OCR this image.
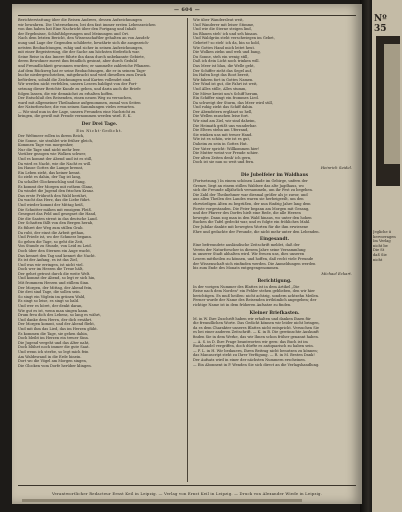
— 604 —
Berichterstattung über die Reisen Andrees, dessen Aufzeichnungen
wir bewahren. Die Unternehmen, bei den fast immer ersten Lebenszeichen
von ihm haben hat Eine Nachricht über den Fortgang und Inhalt
der Ergebnisse, Schlußfolgerungen und Meinungen und Ort.
Nach dem letzten Bericht, den Wissenschaftler gehalten an von Ausdeh-
nung und Lage der Gegenden schilderte, bewährte sich die ausgezeich-
netsten Beobachtungen, ruhig und sicher in seinen Aufzeichnungen,
mit einer Begeisterung, die der Sache am höchsten förderlich war.
Seine Reise in das Innere führte ihn dann durch unbekannte Gebiete,
deren Bewohner zuerst ihm feindlich gesinnt, aber durch Geduld
und Freundlichkeit gewonnen wurden; er sammelte zahlreiche Pflanzen.
Auf dem Rückweg hat er seine Beobachtungen, die er in seinem Tage-
buche niedergeschrieben, mitgebracht und wird dieselben zum Druck
befördern, sobald die Zeichnungen und Karten vollendet sind.
Wir werden nicht verfehlen, unsern Lesern baldigst von der Fort-
setzung dieser Berichte Kunde zu geben, und darin auch die Briefe
folgen lassen, die wir demnächst zu erhalten hoffen.
Der Entschluß des Reisenden, einen neuen Weg zu versuchen,
ward mit allgemeiner Theilnahme aufgenommen, zumal von Seiten
der Naturforscher, die von seinen Sammlungen vieles erwarten.
— Wir sind nun in der Lage, unsern Freunden eine Nachricht zu
bringen, die gewiß mit Freude vernommen werden wird. E. K.
Der Drei Tage.
Ein Nicht-Gedicht.
Der Weltmeer rollen in ihrem Reich,
Die Sonne, sie strahlet wie früher gleich,
Kommen Tage von morgenher,
Nur die Tage sind nicht mehr leer.
Vorüber gezogen wie Wolken schwer,
Und es kommt der Abend und ist es still,
Da wird es Nacht, wie die Nacht es will.
Im Hause Gottes die Lampe brennt,
Ein Leben zieht, das keiner kennt.
So zieht es dahin, der Tag ist lang,
Da schallet Glockenschlag und Sang,
Es kommt der Morgen mit rothem Glanz,
Da windet die Jugend den frischen Kranz.
Das erste Frühroth den Wald berührt,
Da wacht das Herz, das die Liebe führt.
Und wieder kommt der Mittag heiß,
Die Schnitter mähen mit emsigem Fleiß.
Gesegnet das Feld und gesegnet die Hand,
Die die Saaten streut in das deutsche Land.
Der Schatten fällt von den Bergen herab,
Es führet der Weg zum stillen Grab.
Da ruht, der einst die Arbeit gethan,
Und Friede ist, wo der Schmerz begann.
So gehen die Tage, so geht die Zeit,
Von Stunde zu Stunde, von Leid zu Leid.
Doch über den Sternen ein Auge wacht,
Das kennet den Tag und kennet die Nacht.
Es ist der Anfang, es ist das Ziel,
Und was wir erringen, ist nicht viel.
Doch wer im Herzen die Treue hält,
Der gehet getrost durch die weite Welt.
Und kommt der Abend, so legt er sich hin,
Mit frommem Herzen und stillem Sinn.
Der Morgen, der Mittag, der Abend fein,
Die drei sind Tage, die sollen sein.
So singt ein Vöglein im grünen Wald,
Es singt so leise, es singt so bald.
Und wer es höret, der denkt daran,
Wie gut es ist, wenn man singen kann.
Drum freu dich des Lebens, so lang es währt,
Und danke dem Herrn, der dich ernährt.
Der Morgen kommt, und der Abend flieht,
Und mit ihm das Lied, das im Herzen glüht.
Es kommen die Tage, sie gehen dahin,
Doch bleibt im Herzen ein treuer Sinn.
Die Jugend vergeht und das Alter naht,
Doch blühet noch immer die gute Saat.
Und wenn ich sterbe, so legt mich fein
Am Waldesrand in die Erde hinein.
Dort wo die Vögel am Morgen singen,
Die Glocken vom Dorfe herüber klingen.
Wie über Wandersleut weit,
Und Wanderer mit leiser Stimme,
Und wie die Sterne steigen lind,
Im Blauen steh' ich und seh hinaus.
Und Waldgrün steht verschwiegen im Gebet,
Gebetet? so steh' ich da, bin so hold,
Wie Gottes Hand mich leitet heut.
Die Wolken ziehn und weh und bang,
Du Sonne, steh ein wenig still,
Daß ich dein Licht noch trinken will.
Das Meer ist blau, die Welle geht,
Der Schiffer zieht das Segel auf,
Im Hafen liegt das Boot bereit,
Wir fahren fort in Gottes Namen.
Der Wind ist gut, die Fahrt ist weit,
Und Alles stille, Alles stumm,
Die Möwe kreist um's Schiff herum,
Ein Schiffer singt ein frommes Lied.
Da schweigt der Sturm, das Meer wird still,
Und ruhig zieht das Schiff dahin.
Der Abendstern erglänzt so hell,
Die Wellen rauschen leise fort.
Wir sind am Ziel, wir sind daheim,
Die Heimath grüßt uns wunderbar.
Die Eltern stehn am Uferrand,
Sie winken uns mit treuer Hand.
Wie ist es schön, wie ist es gut,
Daheim zu sein in Gottes Hut.
Der Vater spricht: Willkommen hier!
Die Mutter weint vor Freude schier.
Der alten Zeiten denk' ich gern,
Doch ist sie nun so weit und fern.
Heinrich Seidel.
Die Jubelfeier im Waldhaus
(Fortsetzung.) In einem schönen Lande im Gebirge, unfern der
Grenze, liegt an einem stillen Waldsee das alte Jagdhaus, wo
sich die Freunde alljährlich versammeln, um ihr Fest zu begehen.
Die Zahl der Theilnehmer war diesmal größer als je zuvor, und
aus allen Theilen des Landes waren sie herbeigeeilt, um den
ehrwürdigen Alten zu begrüßen, der nun fünfzig Jahre lang dem
Forste vorgestanden. Die Feier begann am Morgen mit Gesang,
und der Pfarrer des Dorfes hielt eine Rede, die alle Herzen
bewegte. Dann zog man in den Wald hinaus, wo unter den hohen
Buchen die Tafel gedeckt war, und es folgte ein fröhliches Mahl.
Der Jubilar dankte mit bewegten Worten für die ihm erwiesene
Ehre und gedachte der Freunde, die nicht mehr unter den Lebenden.
Eingesandt.
Eine befreundete ausländische Zeitschrift meldet, daß der
Verein der Naturforscher in diesem Jahre seine Versammlung
in unserer Stadt abhalten wird. Wir freuen uns, dies unseren
Lesern mittheilen zu können, und hoffen, daß recht viele Freunde
der Wissenschaft sich einfinden werden. Die Anmeldungen werden
bis zum Ende des Monats entgegengenommen.
Michael Eckart.
Berichtigung.
In der vorigen Nummer des Blattes ist in dem Artikel „Die
Reise nach dem Norden" ein Fehler stehen geblieben, den wir hier
berichtigen. Es muß heißen: nicht achtzig, sondern achtzehn Meilen.
Ferner wurde der Name des Reisenden irrthümlich angegeben; der
richtige Name ist in dem früheren Aufsatze zu finden.
Kleiner Briefkasten.
M. in W. Ihre Zuschrift haben wir erhalten und danken Ihnen für
die freundlichen Worte. Das Gedicht können wir leider nicht bringen,
da es dem Charakter unseres Blattes nicht entspricht. Versuchen Sie
es bei einer anderen Zeitschrift. — K. in B. Die gewünschte Auskunft
finden Sie in dem Werke, das wir Ihnen schon früher genannt haben.
— A. S. in D. Ihre Frage beantworten wir gern: das Buch ist im
Buchhandel vergriffen, doch dürfte es antiquarisch zu haben sein.
— F. L. in H. Wir bedauern, Ihren Beitrag nicht benutzen zu können;
das Manuscript steht zu Ihrer Verfügung. — R. in M. Besten Dank!
Der Aufsatz wird in einer der nächsten Nummern erscheinen.
— Ein Abonnent in P. Wenden Sie sich direct an die Verlagshandlung.
Verantwortlicher Redacteur Ernst Keil in Leipzig. — Verlag von Ernst Keil in Leipzig. — Druck von Alexander Wiede in Leipzig.
Nº 35
Jegliche ü
hervorragen
Im Verlag
nicht be
Die St
daß Sie
nicht
